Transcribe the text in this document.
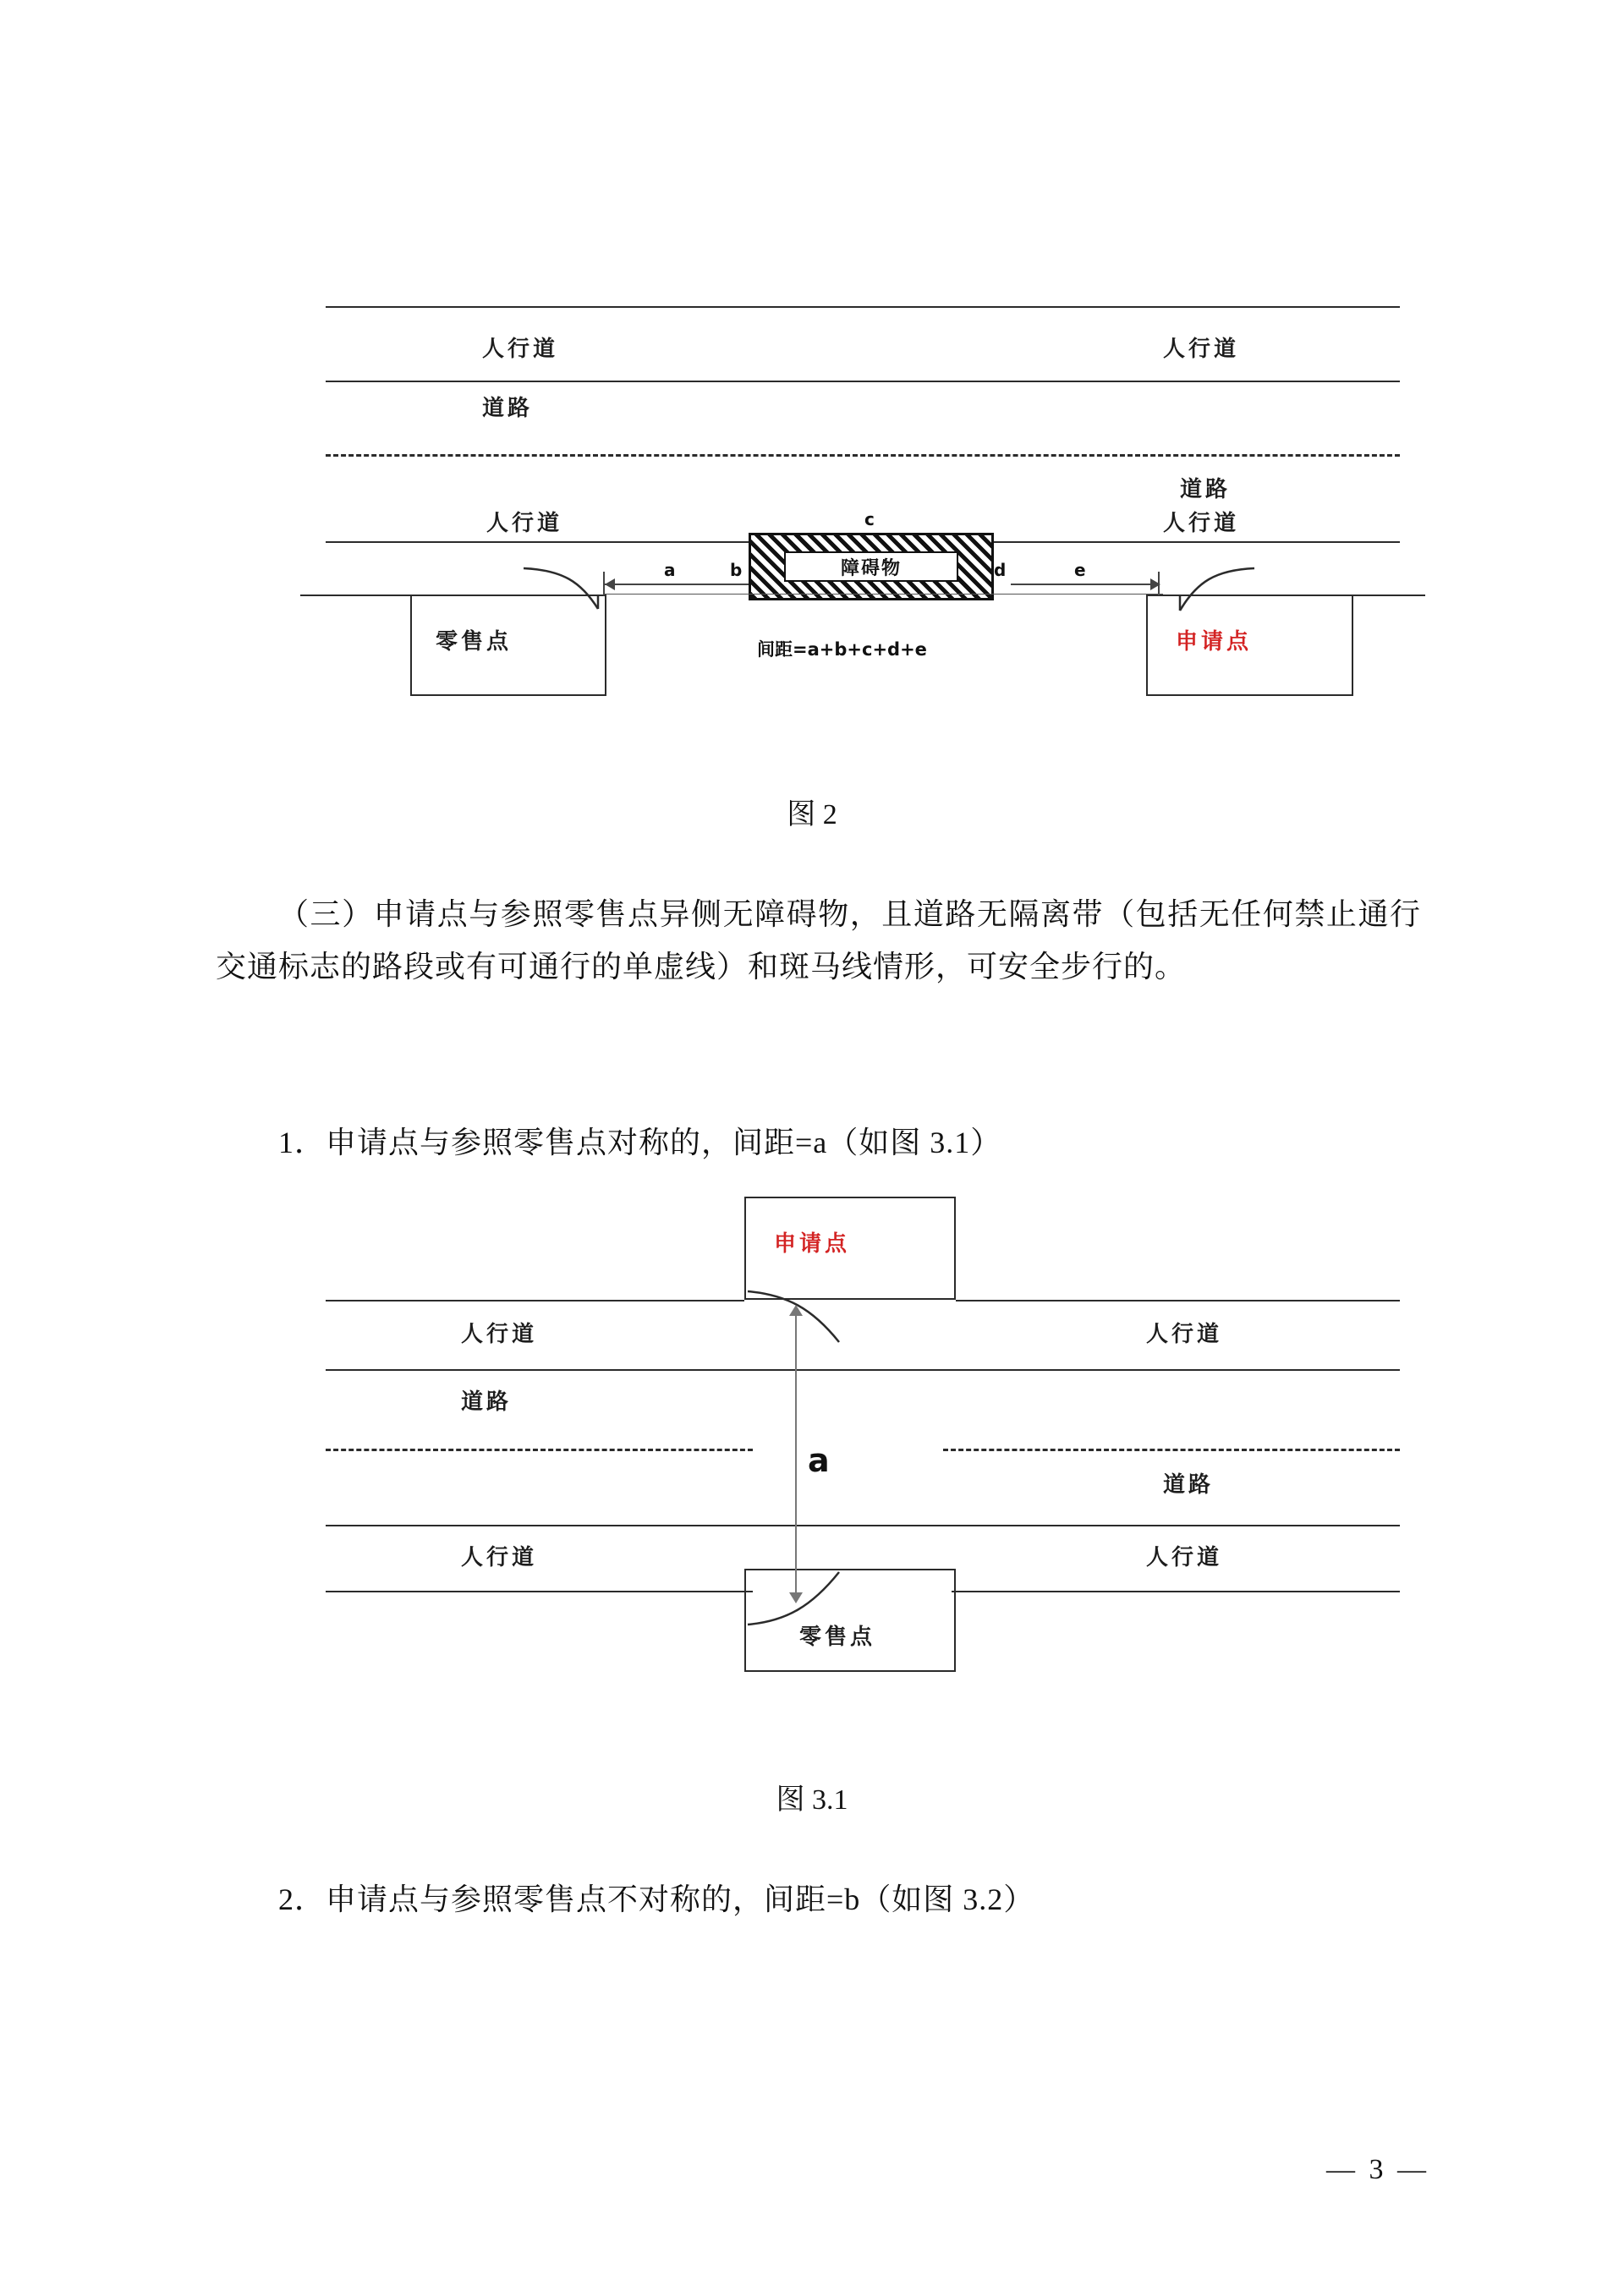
人行道	人行道
道路
道路
人行道	人行道
零售点	申请点
障碍物
a	b
c
d	e
间距=a+b+c+d+e
图 2
（三）申请点与参照零售点异侧无障碍物，且道路无隔离带（包括无任何禁止通行交通标志的路段或有可通行的单虚线）和斑马线情形，可安全步行的。
1．申请点与参照零售点对称的，间距=a（如图 3.1）
申请点
人行道	人行道
道路
道路
人行道	人行道
零售点
a
图 3.1
2．申请点与参照零售点不对称的，间距=b（如图 3.2）
— 3 —
